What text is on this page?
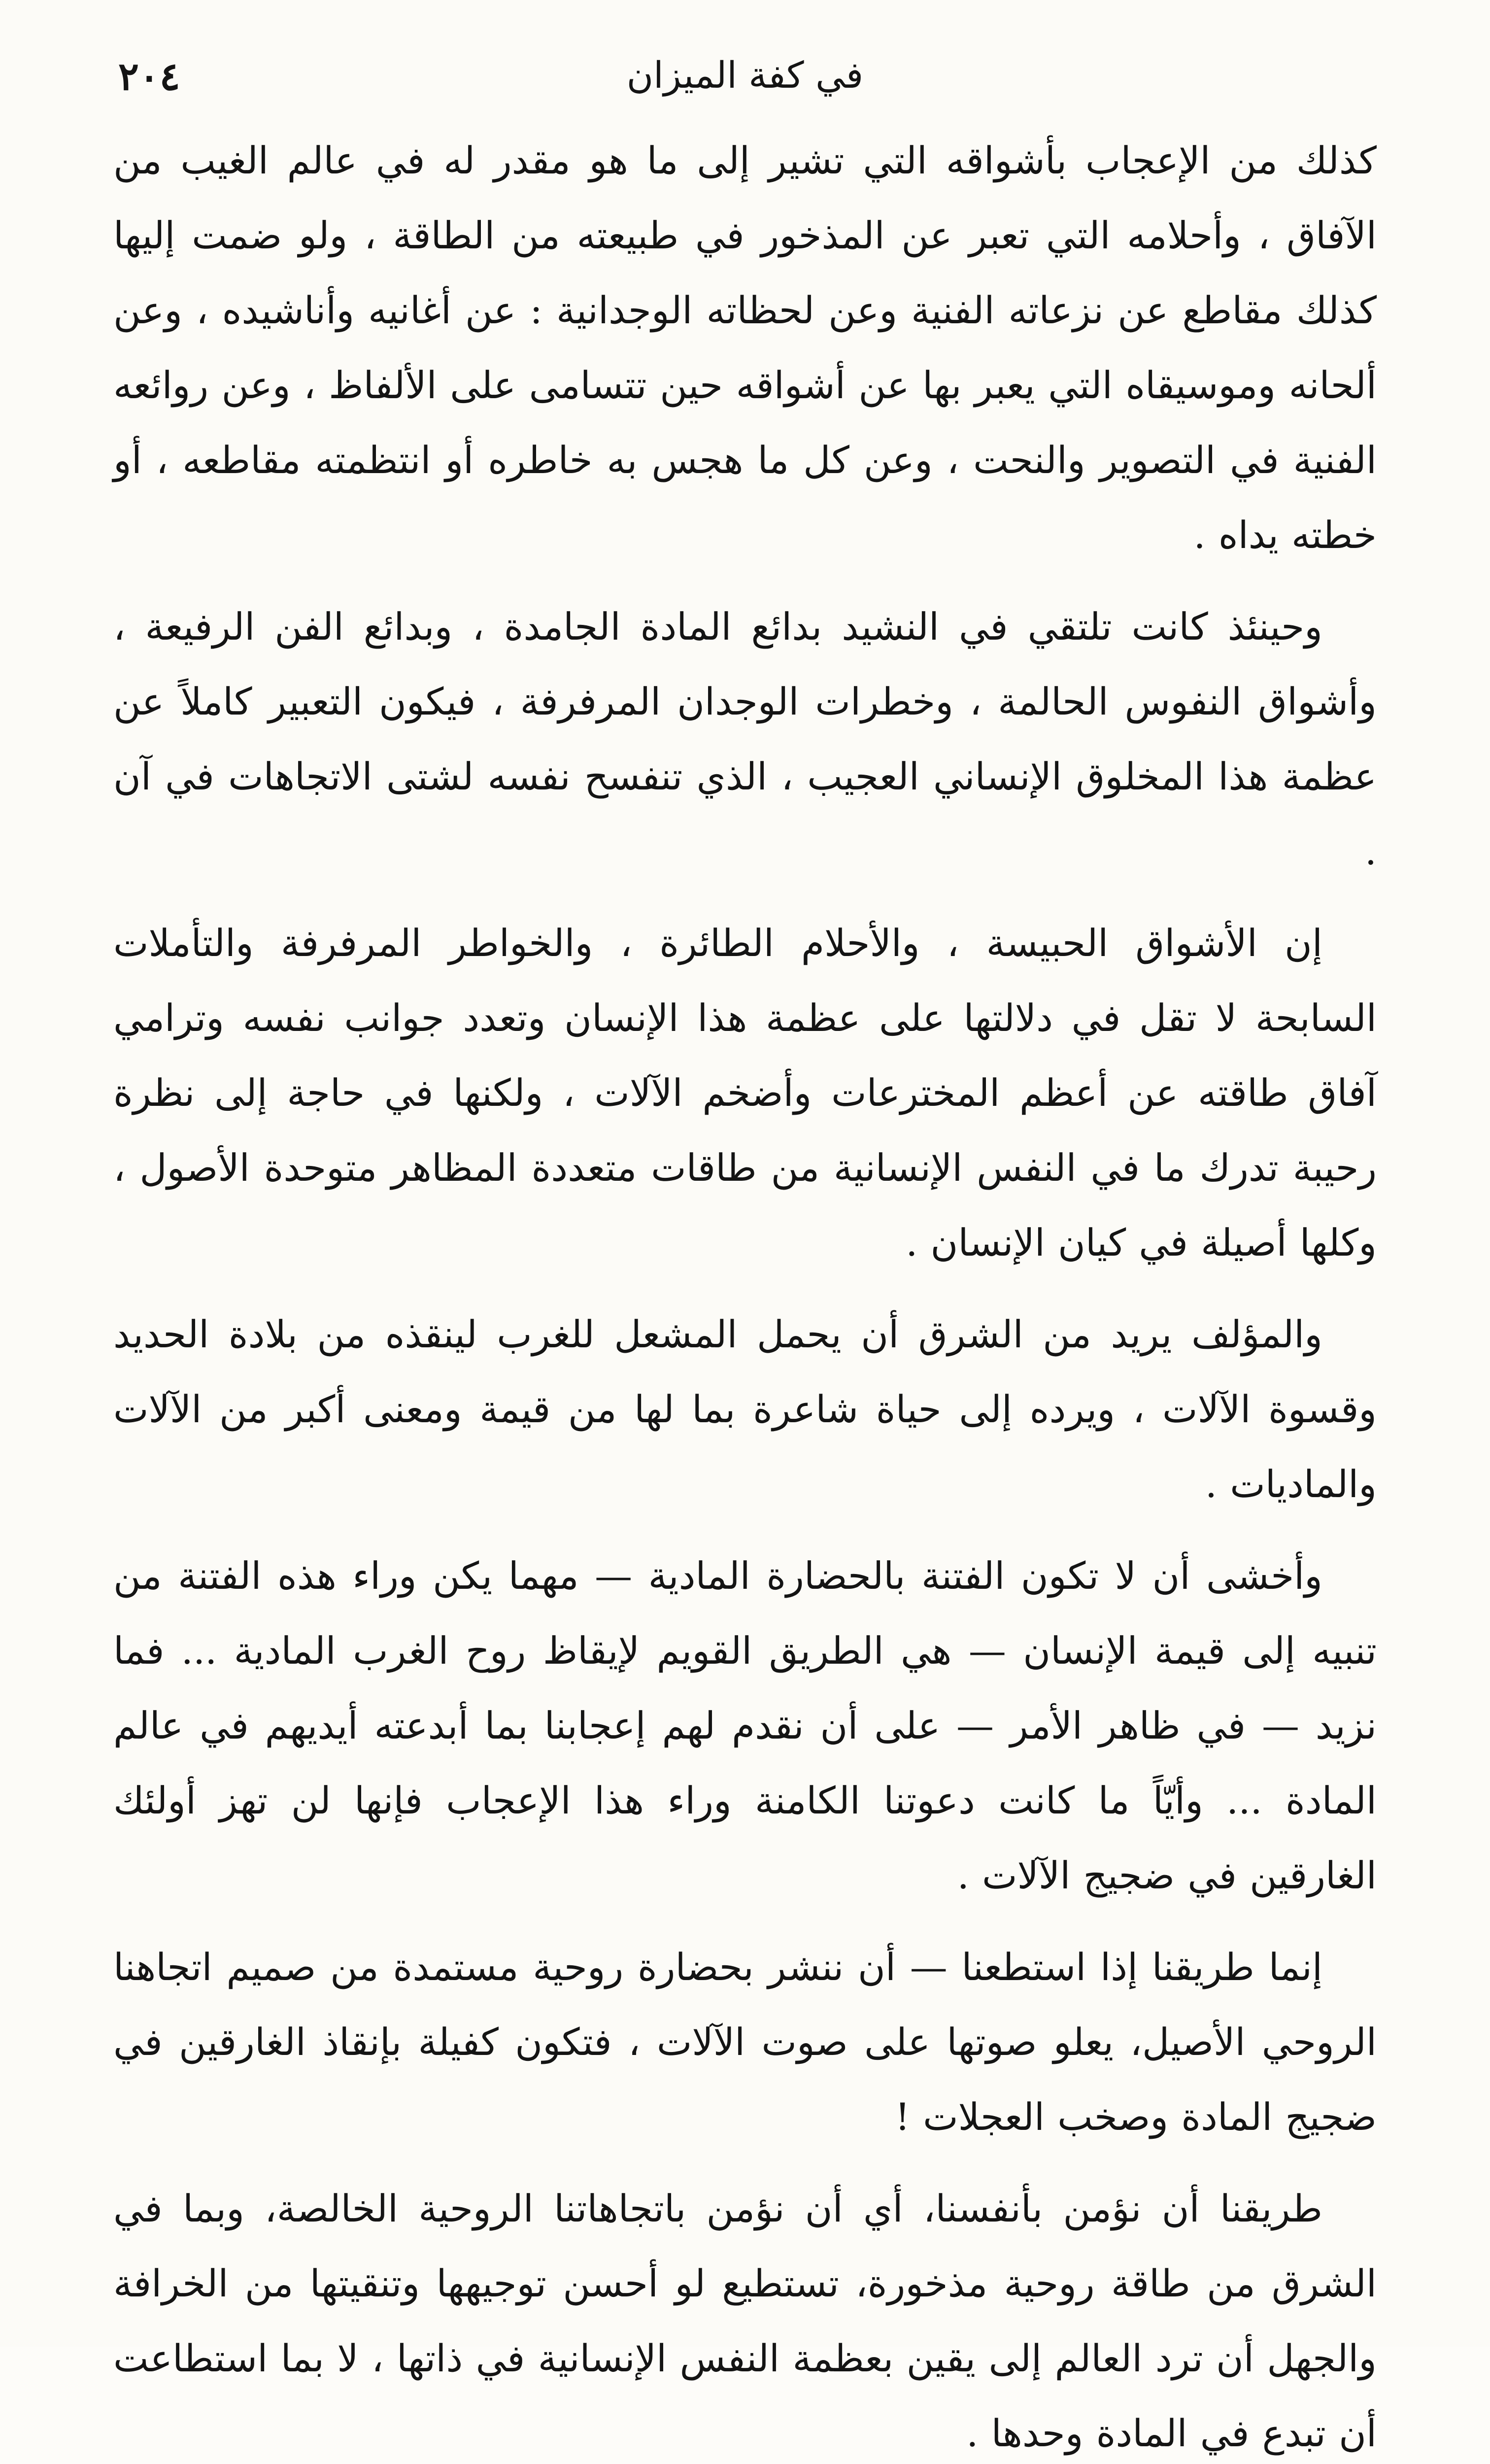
٢٠٤	في كفة الميزان

كذلك من الإعجاب بأشواقه التي تشير إلى ما هو مقدر له في عالم الغيب من الآفاق ، وأحلامه التي تعبر عن المذخور في طبيعته من الطاقة ، ولو ضمت إليها كذلك مقاطع عن نزعاته الفنية وعن لحظاته الوجدانية : عن أغانيه وأناشيده ، وعن ألحانه وموسيقاه التي يعبر بها عن أشواقه حين تتسامى على الألفاظ ، وعن روائعه الفنية في التصوير والنحت ، وعن كل ما هجس به خاطره أو انتظمته مقاطعه ، أو خطته يداه .

وحينئذ كانت تلتقي في النشيد بدائع المادة الجامدة ، وبدائع الفن الرفيعة ، وأشواق النفوس الحالمة ، وخطرات الوجدان المرفرفة ، فيكون التعبير كاملاً عن عظمة هذا المخلوق الإنساني العجيب ، الذي تنفسح نفسه لشتى الاتجاهات في آن .

إن الأشواق الحبيسة ، والأحلام الطائرة ، والخواطر المرفرفة والتأملات السابحة لا تقل في دلالتها على عظمة هذا الإنسان وتعدد جوانب نفسه وترامي آفاق طاقته عن أعظم المخترعات وأضخم الآلات ، ولكنها في حاجة إلى نظرة رحيبة تدرك ما في النفس الإنسانية من طاقات متعددة المظاهر متوحدة الأصول ، وكلها أصيلة في كيان الإنسان .

والمؤلف يريد من الشرق أن يحمل المشعل للغرب لينقذه من بلادة الحديد وقسوة الآلات ، ويرده إلى حياة شاعرة بما لها من قيمة ومعنى أكبر من الآلات والماديات .

وأخشى أن لا تكون الفتنة بالحضارة المادية — مهما يكن وراء هذه الفتنة من تنبيه إلى قيمة الإنسان — هي الطريق القويم لإيقاظ روح الغرب المادية ... فما نزيد — في ظاهر الأمر — على أن نقدم لهم إعجابنا بما أبدعته أيديهم في عالم المادة ... وأيّاً ما كانت دعوتنا الكامنة وراء هذا الإعجاب فإنها لن تهز أولئك الغارقين في ضجيج الآلات .

إنما طريقنا إذا استطعنا — أن ننشر بحضارة روحية مستمدة من صميم اتجاهنا الروحي الأصيل، يعلو صوتها على صوت الآلات ، فتكون كفيلة بإنقاذ الغارقين في ضجيج المادة وصخب العجلات !

طريقنا أن نؤمن بأنفسنا، أي أن نؤمن باتجاهاتنا الروحية الخالصة، وبما في الشرق من طاقة روحية مذخورة، تستطيع لو أحسن توجيهها وتنقيتها من الخرافة والجهل أن ترد العالم إلى يقين بعظمة النفس الإنسانية في ذاتها ، لا بما استطاعت أن تبدع في المادة وحدها .
